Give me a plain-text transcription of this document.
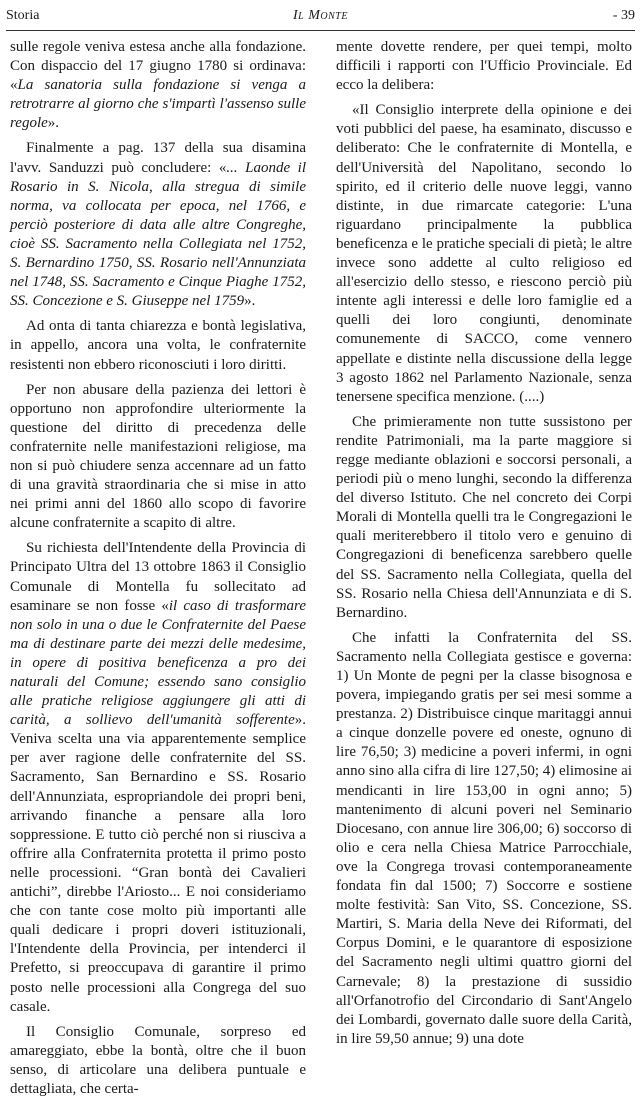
Storia	Il Monte	- 39

sulle regole veniva estesa anche alla fondazione. Con dispaccio del 17 giugno 1780 si ordinava: «La sanatoria sulla fondazione si venga a retrotrarre al giorno che s'impartì l'assenso sulle regole».

Finalmente a pag. 137 della sua disamina l'avv. Sanduzzi può concludere: «... Laonde il Rosario in S. Nicola, alla stregua di simile norma, va collocata per epoca, nel 1766, e perciò posteriore di data alle altre Congreghe, cioè SS. Sacramento nella Collegiata nel 1752, S. Bernardino 1750, SS. Rosario nell'Annunziata nel 1748, SS. Sacramento e Cinque Piaghe 1752, SS. Concezione e S. Giuseppe nel 1759».

Ad onta di tanta chiarezza e bontà legislativa, in appello, ancora una volta, le confraternite resistenti non ebbero riconosciuti i loro diritti.

Per non abusare della pazienza dei lettori è opportuno non approfondire ulteriormente la questione del diritto di precedenza delle confraternite nelle manifestazioni religiose, ma non si può chiudere senza accennare ad un fatto di una gravità straordinaria che si mise in atto nei primi anni del 1860 allo scopo di favorire alcune confraternite a scapito di altre.

Su richiesta dell'Intendente della Provincia di Principato Ultra del 13 ottobre 1863 il Consiglio Comunale di Montella fu sollecitato ad esaminare se non fosse «il caso di trasformare non solo in una o due le Confraternite del Paese ma di destinare parte dei mezzi delle medesime, in opere di positiva beneficenza a pro dei naturali del Comune; essendo sano consiglio alle pratiche religiose aggiungere gli atti di carità, a sollievo dell'umanità sofferente». Veniva scelta una via apparentemente semplice per aver ragione delle confraternite del SS. Sacramento, San Bernardino e SS. Rosario dell'Annunziata, espropriandole dei propri beni, arrivando finanche a pensare alla loro soppressione. E tutto ciò perché non si riusciva a offrire alla Confraternita protetta il primo posto nelle processioni. “Gran bontà dei Cavalieri antichi”, direbbe l'Ariosto... E noi consideriamo che con tante cose molto più importanti alle quali dedicare i propri doveri istituzionali, l'Intendente della Provincia, per intenderci il Prefetto, si preoccupava di garantire il primo posto nelle processioni alla Congrega del suo casale.

Il Consiglio Comunale, sorpreso ed amareggiato, ebbe la bontà, oltre che il buon senso, di articolare una delibera puntuale e dettagliata, che certa-

mente dovette rendere, per quei tempi, molto difficili i rapporti con l'Ufficio Provinciale. Ed ecco la delibera:

«Il Consiglio interprete della opinione e dei voti pubblici del paese, ha esaminato, discusso e deliberato: Che le confraternite di Montella, e dell'Università del Napolitano, secondo lo spirito, ed il criterio delle nuove leggi, vanno distinte, in due rimarcate categorie: L'una riguardano principalmente la pubblica beneficenza e le pratiche speciali di pietà; le altre invece sono addette al culto religioso ed all'esercizio dello stesso, e riescono perciò più intente agli interessi e delle loro famiglie ed a quelli dei loro congiunti, denominate comunemente di SACCO, come vennero appellate e distinte nella discussione della legge 3 agosto 1862 nel Parlamento Nazionale, senza tenersene specifica menzione. (....)

Che primieramente non tutte sussistono per rendite Patrimoniali, ma la parte maggiore si regge mediante oblazioni e soccorsi personali, a periodi più o meno lunghi, secondo la differenza del diverso Istituto. Che nel concreto dei Corpi Morali di Montella quelli tra le Congregazioni le quali meriterebbero il titolo vero e genuino di Congregazioni di beneficenza sarebbero quelle del SS. Sacramento nella Collegiata, quella del SS. Rosario nella Chiesa dell'Annunziata e di S. Bernardino.

Che infatti la Confraternita del SS. Sacramento nella Collegiata gestisce e governa: 1) Un Monte de pegni per la classe bisognosa e povera, impiegando gratis per sei mesi somme a prestanza. 2) Distribuisce cinque maritaggi annui a cinque donzelle povere ed oneste, ognuno di lire 76,50; 3) medicine a poveri infermi, in ogni anno sino alla cifra di lire 127,50; 4) elimosine ai mendicanti in lire 153,00 in ogni anno; 5) mantenimento di alcuni poveri nel Seminario Diocesano, con annue lire 306,00; 6) soccorso di olio e cera nella Chiesa Matrice Parrocchiale, ove la Congrega trovasi contemporaneamente fondata fin dal 1500; 7) Soccorre e sostiene molte festività: San Vito, SS. Concezione, SS. Martiri, S. Maria della Neve dei Riformati, del Corpus Domini, e le quarantore di esposizione del Sacramento negli ultimi quattro giorni del Carnevale; 8) la prestazione di sussidio all'Orfanotrofio del Circondario di Sant'Angelo dei Lombardi, governato dalle suore della Carità, in lire 59,50 annue; 9) una dote
